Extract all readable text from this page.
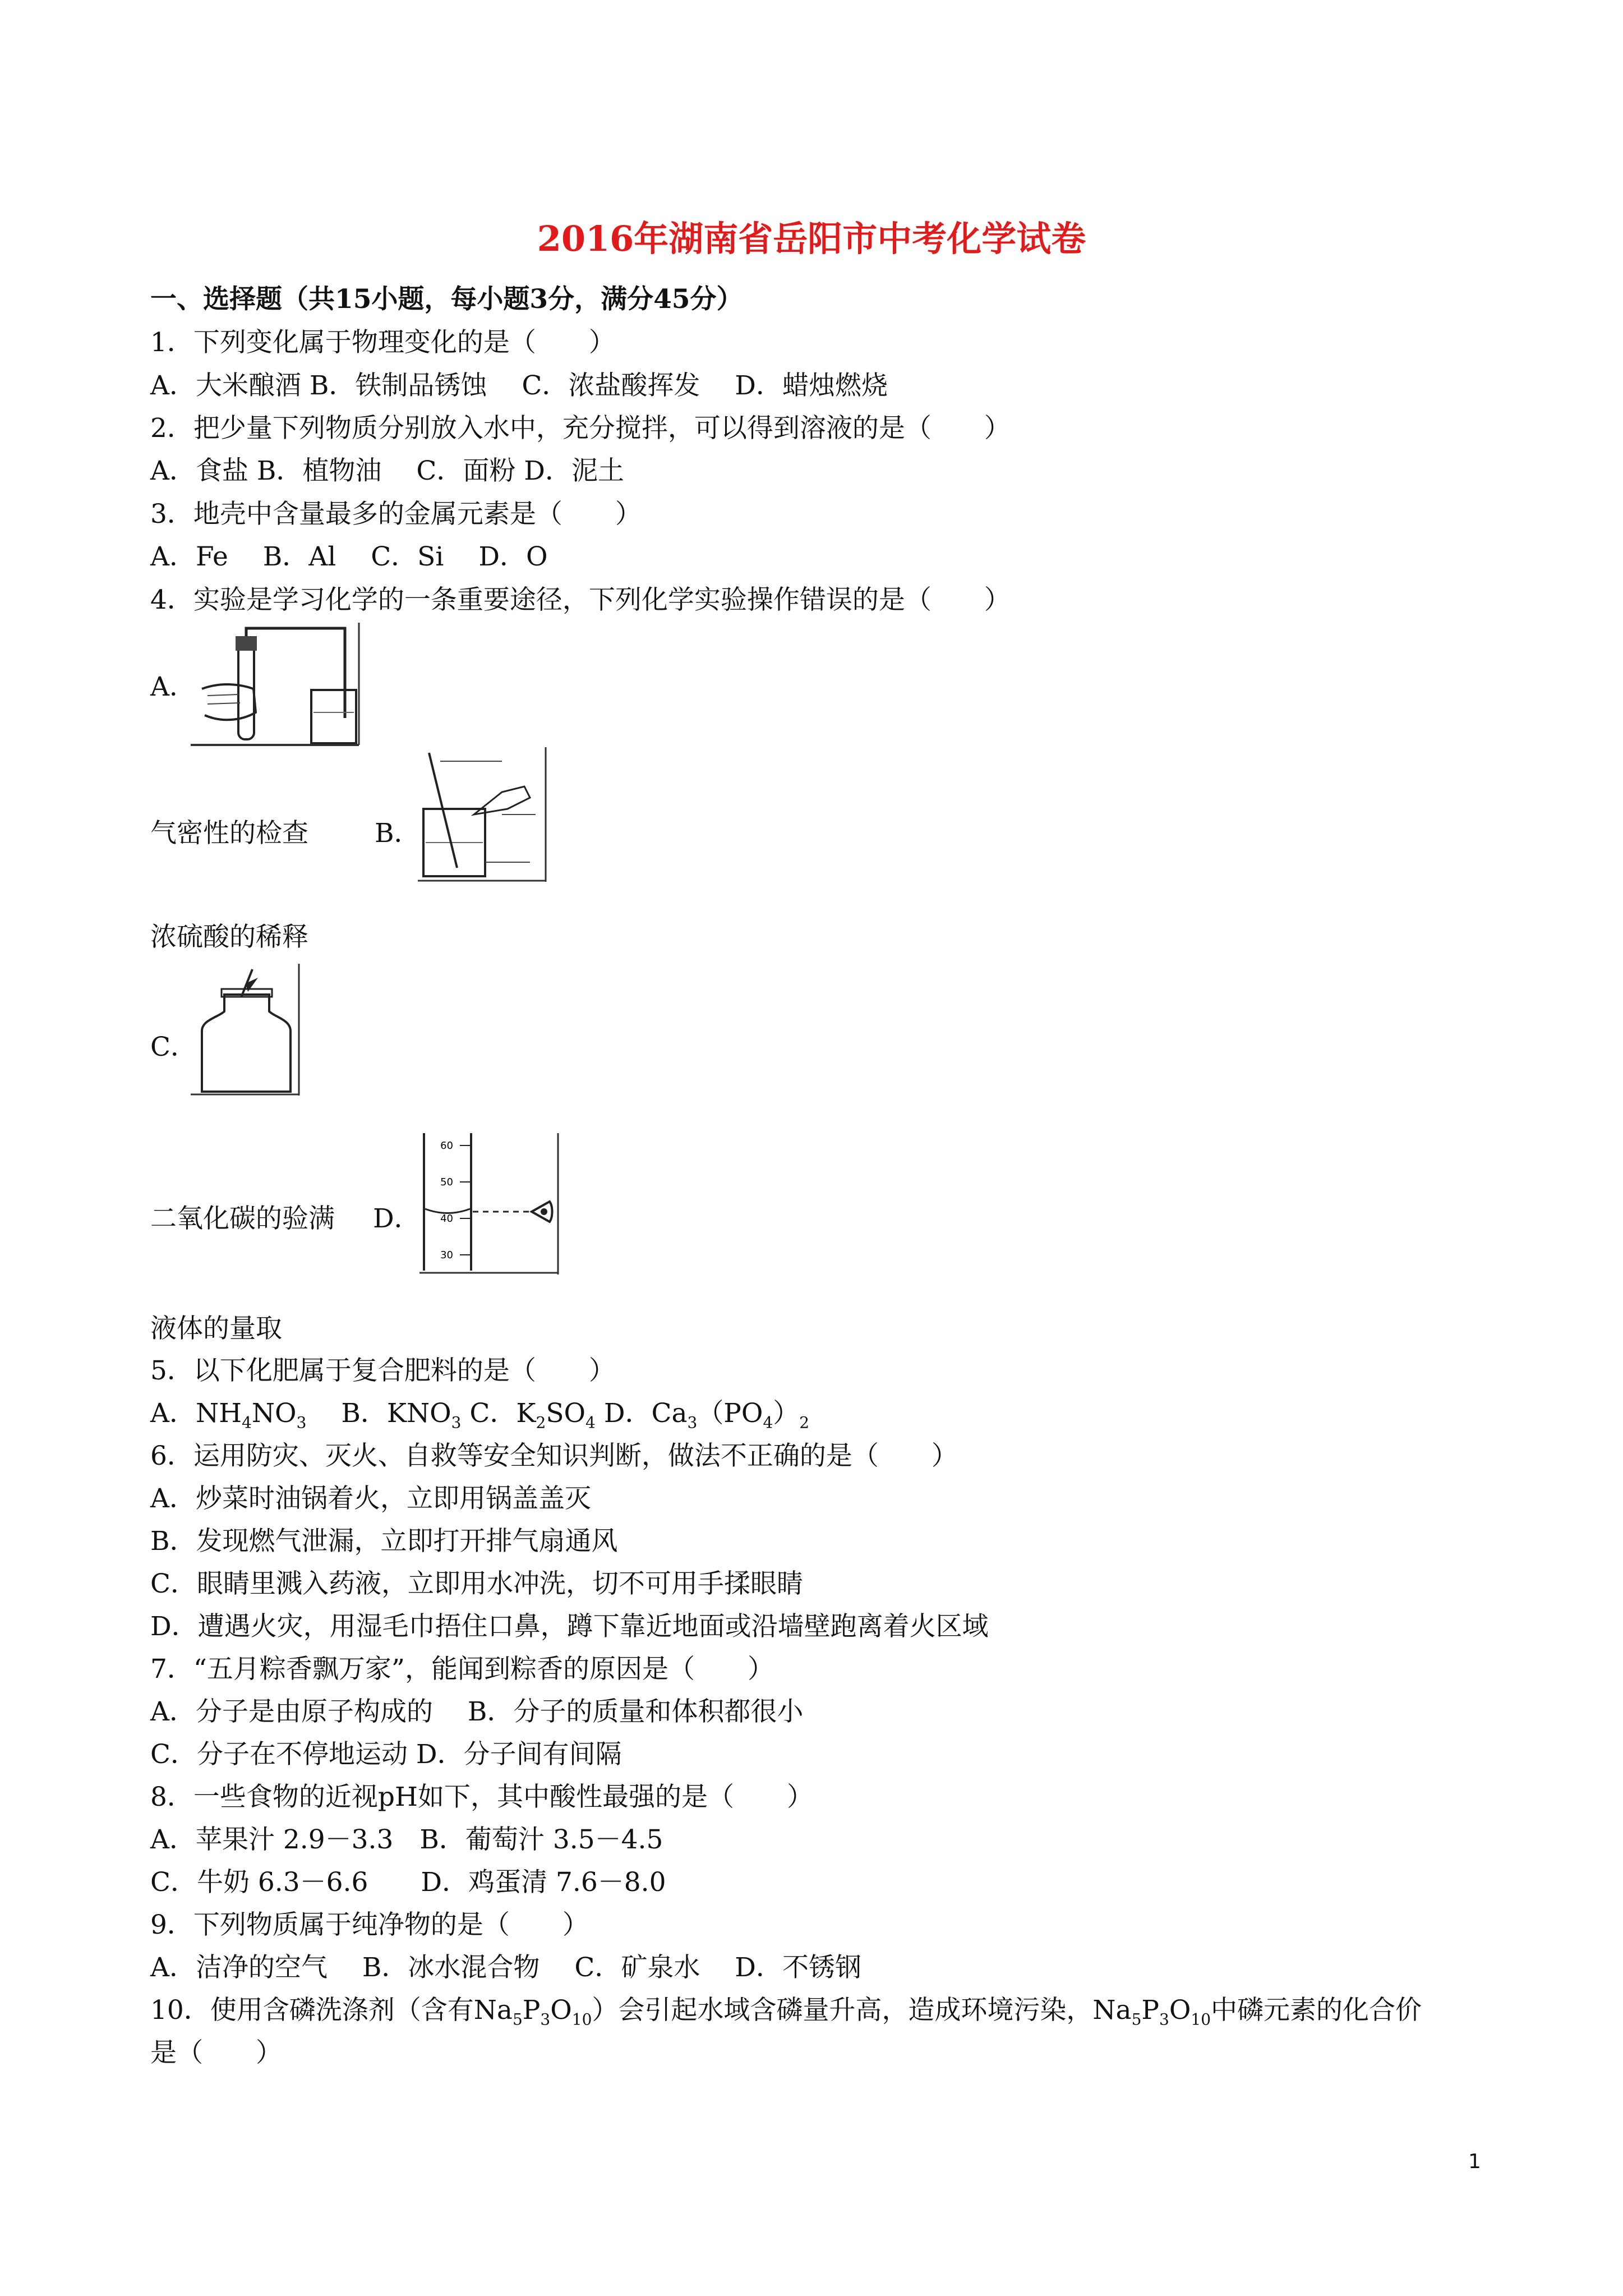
2016年湖南省岳阳市中考化学试卷
一、选择题（共15小题，每小题3分，满分45分）
1．下列变化属于物理变化的是（　　）
A．大米酿酒 B．铁制品锈蚀　 C．浓盐酸挥发　 D．蜡烛燃烧
2．把少量下列物质分别放入水中，充分搅拌，可以得到溶液的是（　　）
A．食盐 B．植物油　 C．面粉 D．泥土
3．地壳中含量最多的金属元素是（　　）
A．Fe　 B．Al　 C．Si　 D．O
4．实验是学习化学的一条重要途径，下列化学实验操作错误的是（　　）
A．
气密性的检查	B．
浓硫酸的稀释
C．
二氧化碳的验满 D．
60
50
40
30
液体的量取
5．以下化肥属于复合肥料的是（　　）
A．$NH_4NO_3$　 B．$KNO_3$ C．$K_2SO_4$ D．$Ca_3(PO_4)_2$
6．运用防灾、灭火、自救等安全知识判断，做法不正确的是（　　）
A．炒菜时油锅着火，立即用锅盖盖灭
B．发现燃气泄漏，立即打开排气扇通风
C．眼睛里溅入药液，立即用水冲洗，切不可用手揉眼睛
D．遭遇火灾，用湿毛巾捂住口鼻，蹲下靠近地面或沿墙壁跑离着火区域
7．“五月粽香飘万家”，能闻到粽香的原因是（　　）
A．分子是由原子构成的　 B．分子的质量和体积都很小
C．分子在不停地运动 D．分子间有间隔
8．一些食物的近视pH如下，其中酸性最强的是（　　）
A．苹果汁 2.9－3.3　B．葡萄汁 3.5－4.5
C．牛奶 6.3－6.6　　D．鸡蛋清 7.6－8.0
9．下列物质属于纯净物的是（　　）
A．洁净的空气　 B．冰水混合物　 C．矿泉水　 D．不锈钢
10．使用含磷洗涤剂（含有$Na_5P_3O_{10}$）会引起水域含磷量升高，造成环境污染，$Na_5P_3O_{10}$中磷元素的化合价
是（　　）
1
